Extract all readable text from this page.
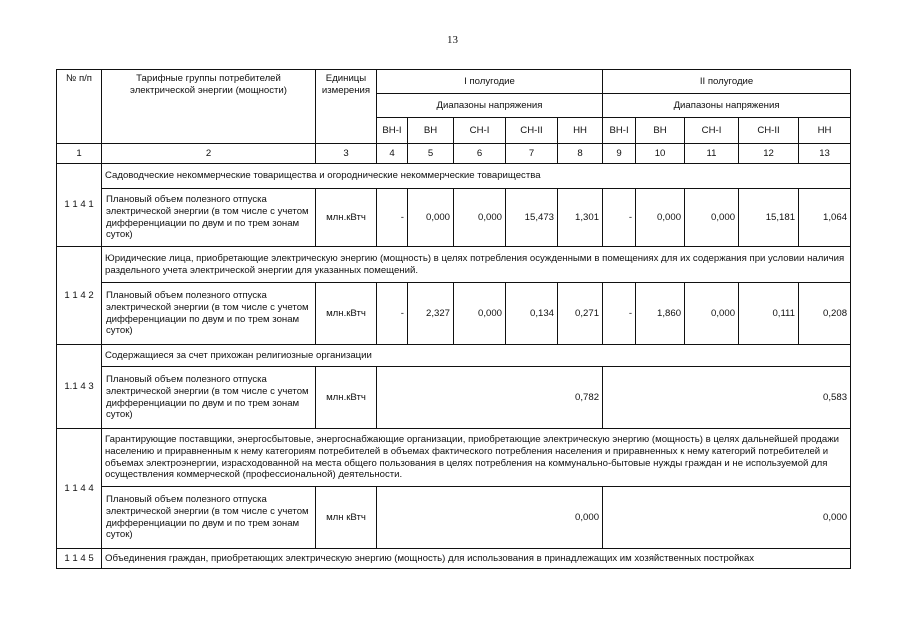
13
№ п/п	Тарифные группы потребителей электрической энергии (мощности)	Единицы измерения	I полугодие					II полугодие				
			Диапазоны напряжения					Диапазоны напряжения				
			ВН-I	ВН	СН-I	СН-II	НН	ВН-I	ВН	СН-I	СН-II	НН
1	2	3	4	5	6	7	8	9	10	11	12	13
1 1 4 1	Садоводческие некоммерческие товарищества и огороднические некоммерческие товарищества											
	Плановый объем полезного отпуска электрической энергии (в том числе с учетом дифференциации по двум и по трем зонам суток)	млн.кВтч	-	0,000	0,000	15,473	1,301	-	0,000	0,000	15,181	1,064
1 1 4 2	Юридические лица, приобретающие электрическую энергию (мощность) в целях потребления осужденными в помещениях для их содержания при условии наличия раздельного учета электрической энергии для указанных помещений.											
	Плановый объем полезного отпуска электрической энергии (в том числе с учетом дифференциации по двум и по трем зонам суток)	млн.кВтч	-	2,327	0,000	0,134	0,271	-	1,860	0,000	0,111	0,208
1.1 4 3	Содержащиеся за счет прихожан религиозные организации											
	Плановый объем полезного отпуска электрической энергии (в том числе с учетом дифференциации по двум и по трем зонам суток)	млн.кВтч	0,782					0,583				
1 1 4 4	Гарантирующие поставщики, энергосбытовые, энергоснабжающие организации, приобретающие электрическую энергию (мощность) в целях дальнейшей продажи населению и приравненным к нему категориям потребителей в объемах фактического потребления населения и приравненных к нему категорий потребителей и объемах электроэнергии, израсходованной на места общего пользования в целях потребления на коммунально-бытовые нужды граждан и не используемой для осуществления коммерческой (профессиональной) деятельности.											
	Плановый объем полезного отпуска электрической энергии (в том числе с учетом дифференциации по двум и по трем зонам суток)	млн кВтч	0,000					0,000				
1 1 4 5	Объединения граждан, приобретающих электрическую энергию (мощность) для использования в принадлежащих им хозяйственных постройках											
